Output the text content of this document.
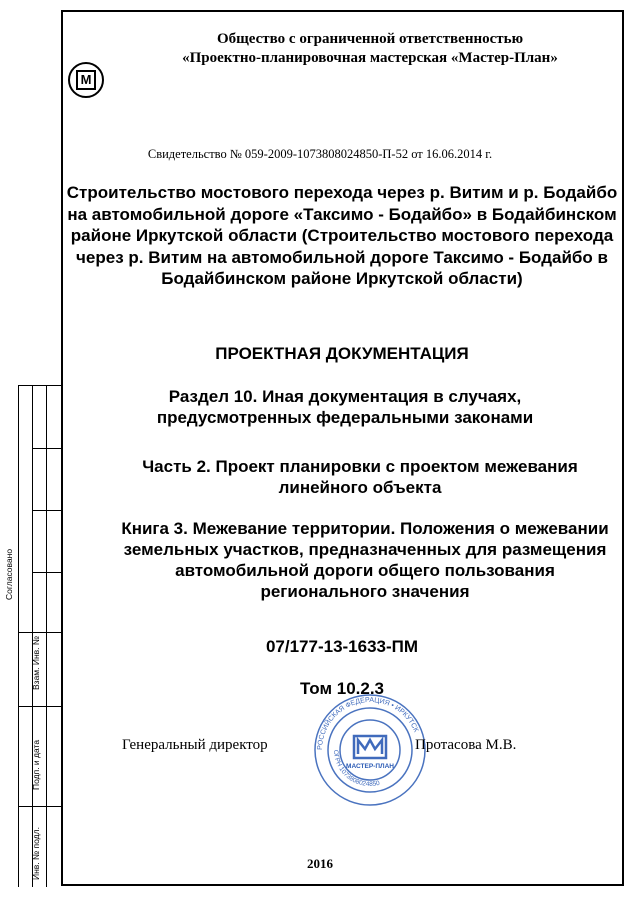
Согласовано
Взам. Инв. №
Подп. и дата
Инв. № подл.
М
Общество с ограниченной ответственностью
«Проектно-планировочная мастерская «Мастер-План»
Свидетельство № 059-2009-1073808024850-П-52 от 16.06.2014 г.
Строительство мостового перехода через р. Витим и р. Бодайбо на автомобильной дороге «Таксимо - Бодайбо» в Бодайбинском районе Иркутской области (Строительство мостового перехода через р. Витим на автомобильной дороге Таксимо - Бодайбо в Бодайбинском районе Иркутской области)
ПРОЕКТНАЯ ДОКУМЕНТАЦИЯ
Раздел 10. Иная документация в случаях, предусмотренных федеральными законами
Часть 2. Проект планировки с проектом межевания линейного объекта
Книга 3. Межевание территории. Положения о межевании земельных участков, предназначенных для размещения автомобильной дороги общего пользования регионального значения
07/177-13-1633-ПМ
Том 10.2.3
Генеральный директор	РОССИЙСКАЯ ФЕДЕРАЦИЯ • ИРКУТСК
ОГРН 1073808024850
МАСТЕР-ПЛАН
Протасова М.В.
2016
